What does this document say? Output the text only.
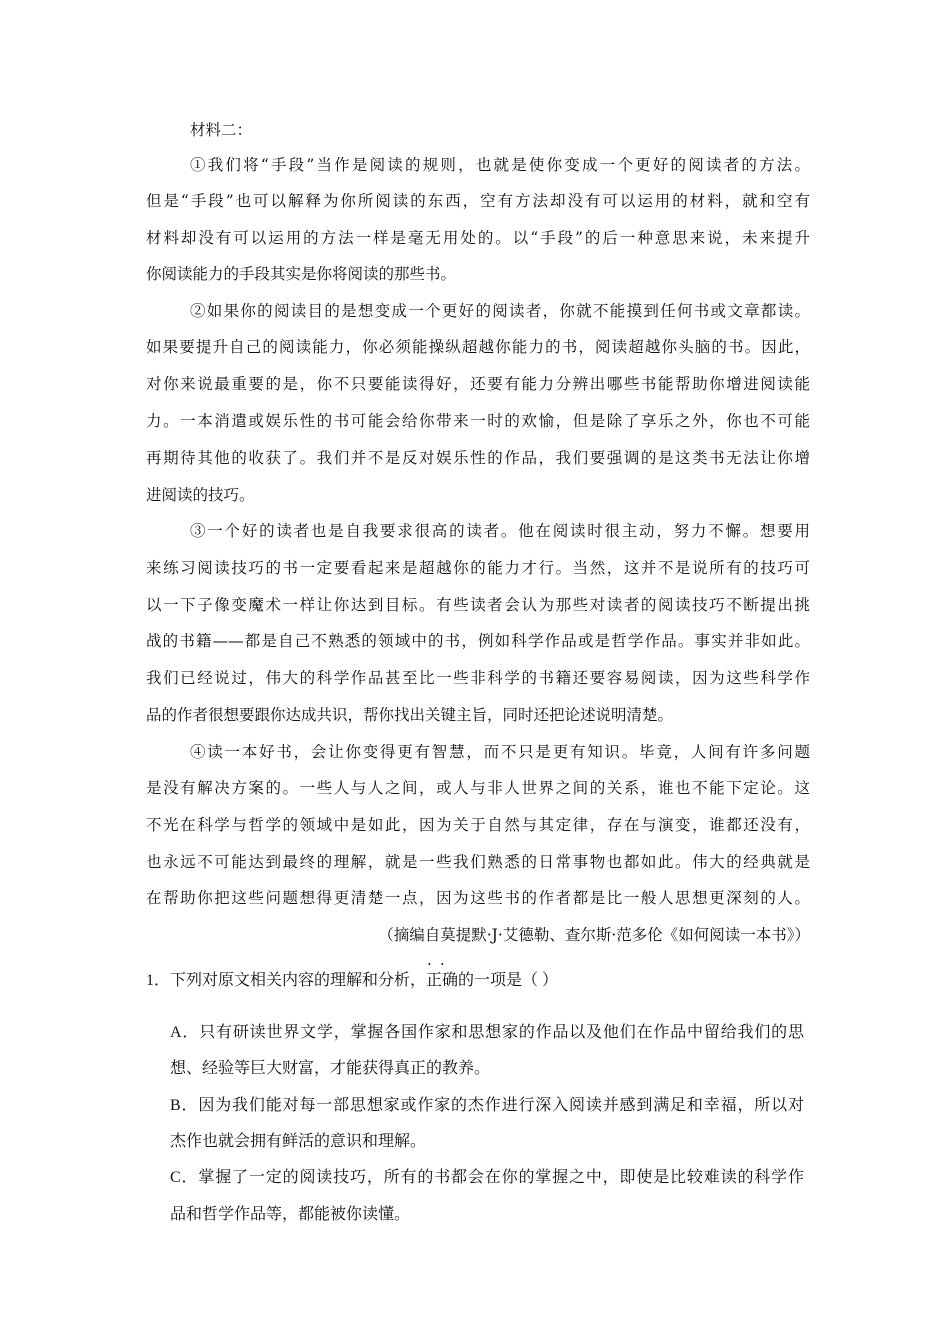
材料二：
①我们将“手段”当作是阅读的规则，也就是使你变成一个更好的阅读者的方法。
但是“手段”也可以解释为你所阅读的东西，空有方法却没有可以运用的材料，就和空有
材料却没有可以运用的方法一样是毫无用处的。以“手段”的后一种意思来说，未来提升
你阅读能力的手段其实是你将阅读的那些书。
②如果你的阅读目的是想变成一个更好的阅读者，你就不能摸到任何书或文章都读。
如果要提升自己的阅读能力，你必须能操纵超越你能力的书，阅读超越你头脑的书。因此，
对你来说最重要的是，你不只要能读得好，还要有能力分辨出哪些书能帮助你增进阅读能
力。一本消遣或娱乐性的书可能会给你带来一时的欢愉，但是除了享乐之外，你也不可能
再期待其他的收获了。我们并不是反对娱乐性的作品，我们要强调的是这类书无法让你增
进阅读的技巧。
③一个好的读者也是自我要求很高的读者。他在阅读时很主动，努力不懈。想要用
来练习阅读技巧的书一定要看起来是超越你的能力才行。当然，这并不是说所有的技巧可
以一下子像变魔术一样让你达到目标。有些读者会认为那些对读者的阅读技巧不断提出挑
战的书籍——都是自己不熟悉的领域中的书，例如科学作品或是哲学作品。事实并非如此。
我们已经说过，伟大的科学作品甚至比一些非科学的书籍还要容易阅读，因为这些科学作
品的作者很想要跟你达成共识，帮你找出关键主旨，同时还把论述说明清楚。
④读一本好书，会让你变得更有智慧，而不只是更有知识。毕竟，人间有许多问题
是没有解决方案的。一些人与人之间，或人与非人世界之间的关系，谁也不能下定论。这
不光在科学与哲学的领域中是如此，因为关于自然与其定律，存在与演变，谁都还没有，
也永远不可能达到最终的理解，就是一些我们熟悉的日常事物也都如此。伟大的经典就是
在帮助你把这些问题想得更清楚一点，因为这些书的作者都是比一般人思想更深刻的人。
（摘编自莫提默·J·艾德勒、查尔斯·范多伦《如何阅读一本书》）
1．下列对原文相关内容的理解和分析，• • 正确的一项是（ ）
A．只有研读世界文学，掌握各国作家和思想家的作品以及他们在作品中留给我们的思
想、经验等巨大财富，才能获得真正的教养。
B．因为我们能对每一部思想家或作家的杰作进行深入阅读并感到满足和幸福，所以对
杰作也就会拥有鲜活的意识和理解。
C．掌握了一定的阅读技巧，所有的书都会在你的掌握之中，即使是比较难读的科学作
品和哲学作品等，都能被你读懂。
